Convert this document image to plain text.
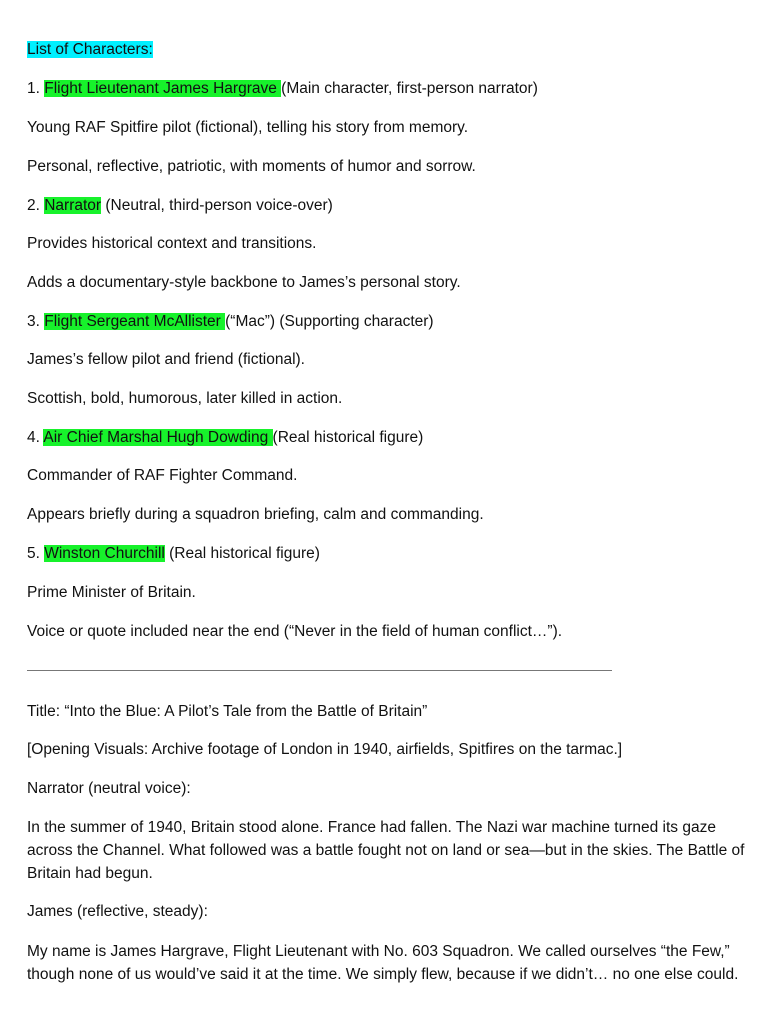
List of Characters:
1. Flight Lieutenant James Hargrave (Main character, first-person narrator)
Young RAF Spitfire pilot (fictional), telling his story from memory.
Personal, reflective, patriotic, with moments of humor and sorrow.
2. Narrator (Neutral, third-person voice-over)
Provides historical context and transitions.
Adds a documentary-style backbone to James’s personal story.
3. Flight Sergeant McAllister (“Mac”) (Supporting character)
James’s fellow pilot and friend (fictional).
Scottish, bold, humorous, later killed in action.
4. Air Chief Marshal Hugh Dowding (Real historical figure)
Commander of RAF Fighter Command.
Appears briefly during a squadron briefing, calm and commanding.
5. Winston Churchill (Real historical figure)
Prime Minister of Britain.
Voice or quote included near the end (“Never in the field of human conflict…”).
Title: “Into the Blue: A Pilot’s Tale from the Battle of Britain”
[Opening Visuals: Archive footage of London in 1940, airfields, Spitfires on the tarmac.]
Narrator (neutral voice):
In the summer of 1940, Britain stood alone. France had fallen. The Nazi war machine turned its gaze across the Channel. What followed was a battle fought not on land or sea—but in the skies. The Battle of Britain had begun.
James (reflective, steady):
My name is James Hargrave, Flight Lieutenant with No. 603 Squadron. We called ourselves “the Few,” though none of us would’ve said it at the time. We simply flew, because if we didn’t… no one else could.
